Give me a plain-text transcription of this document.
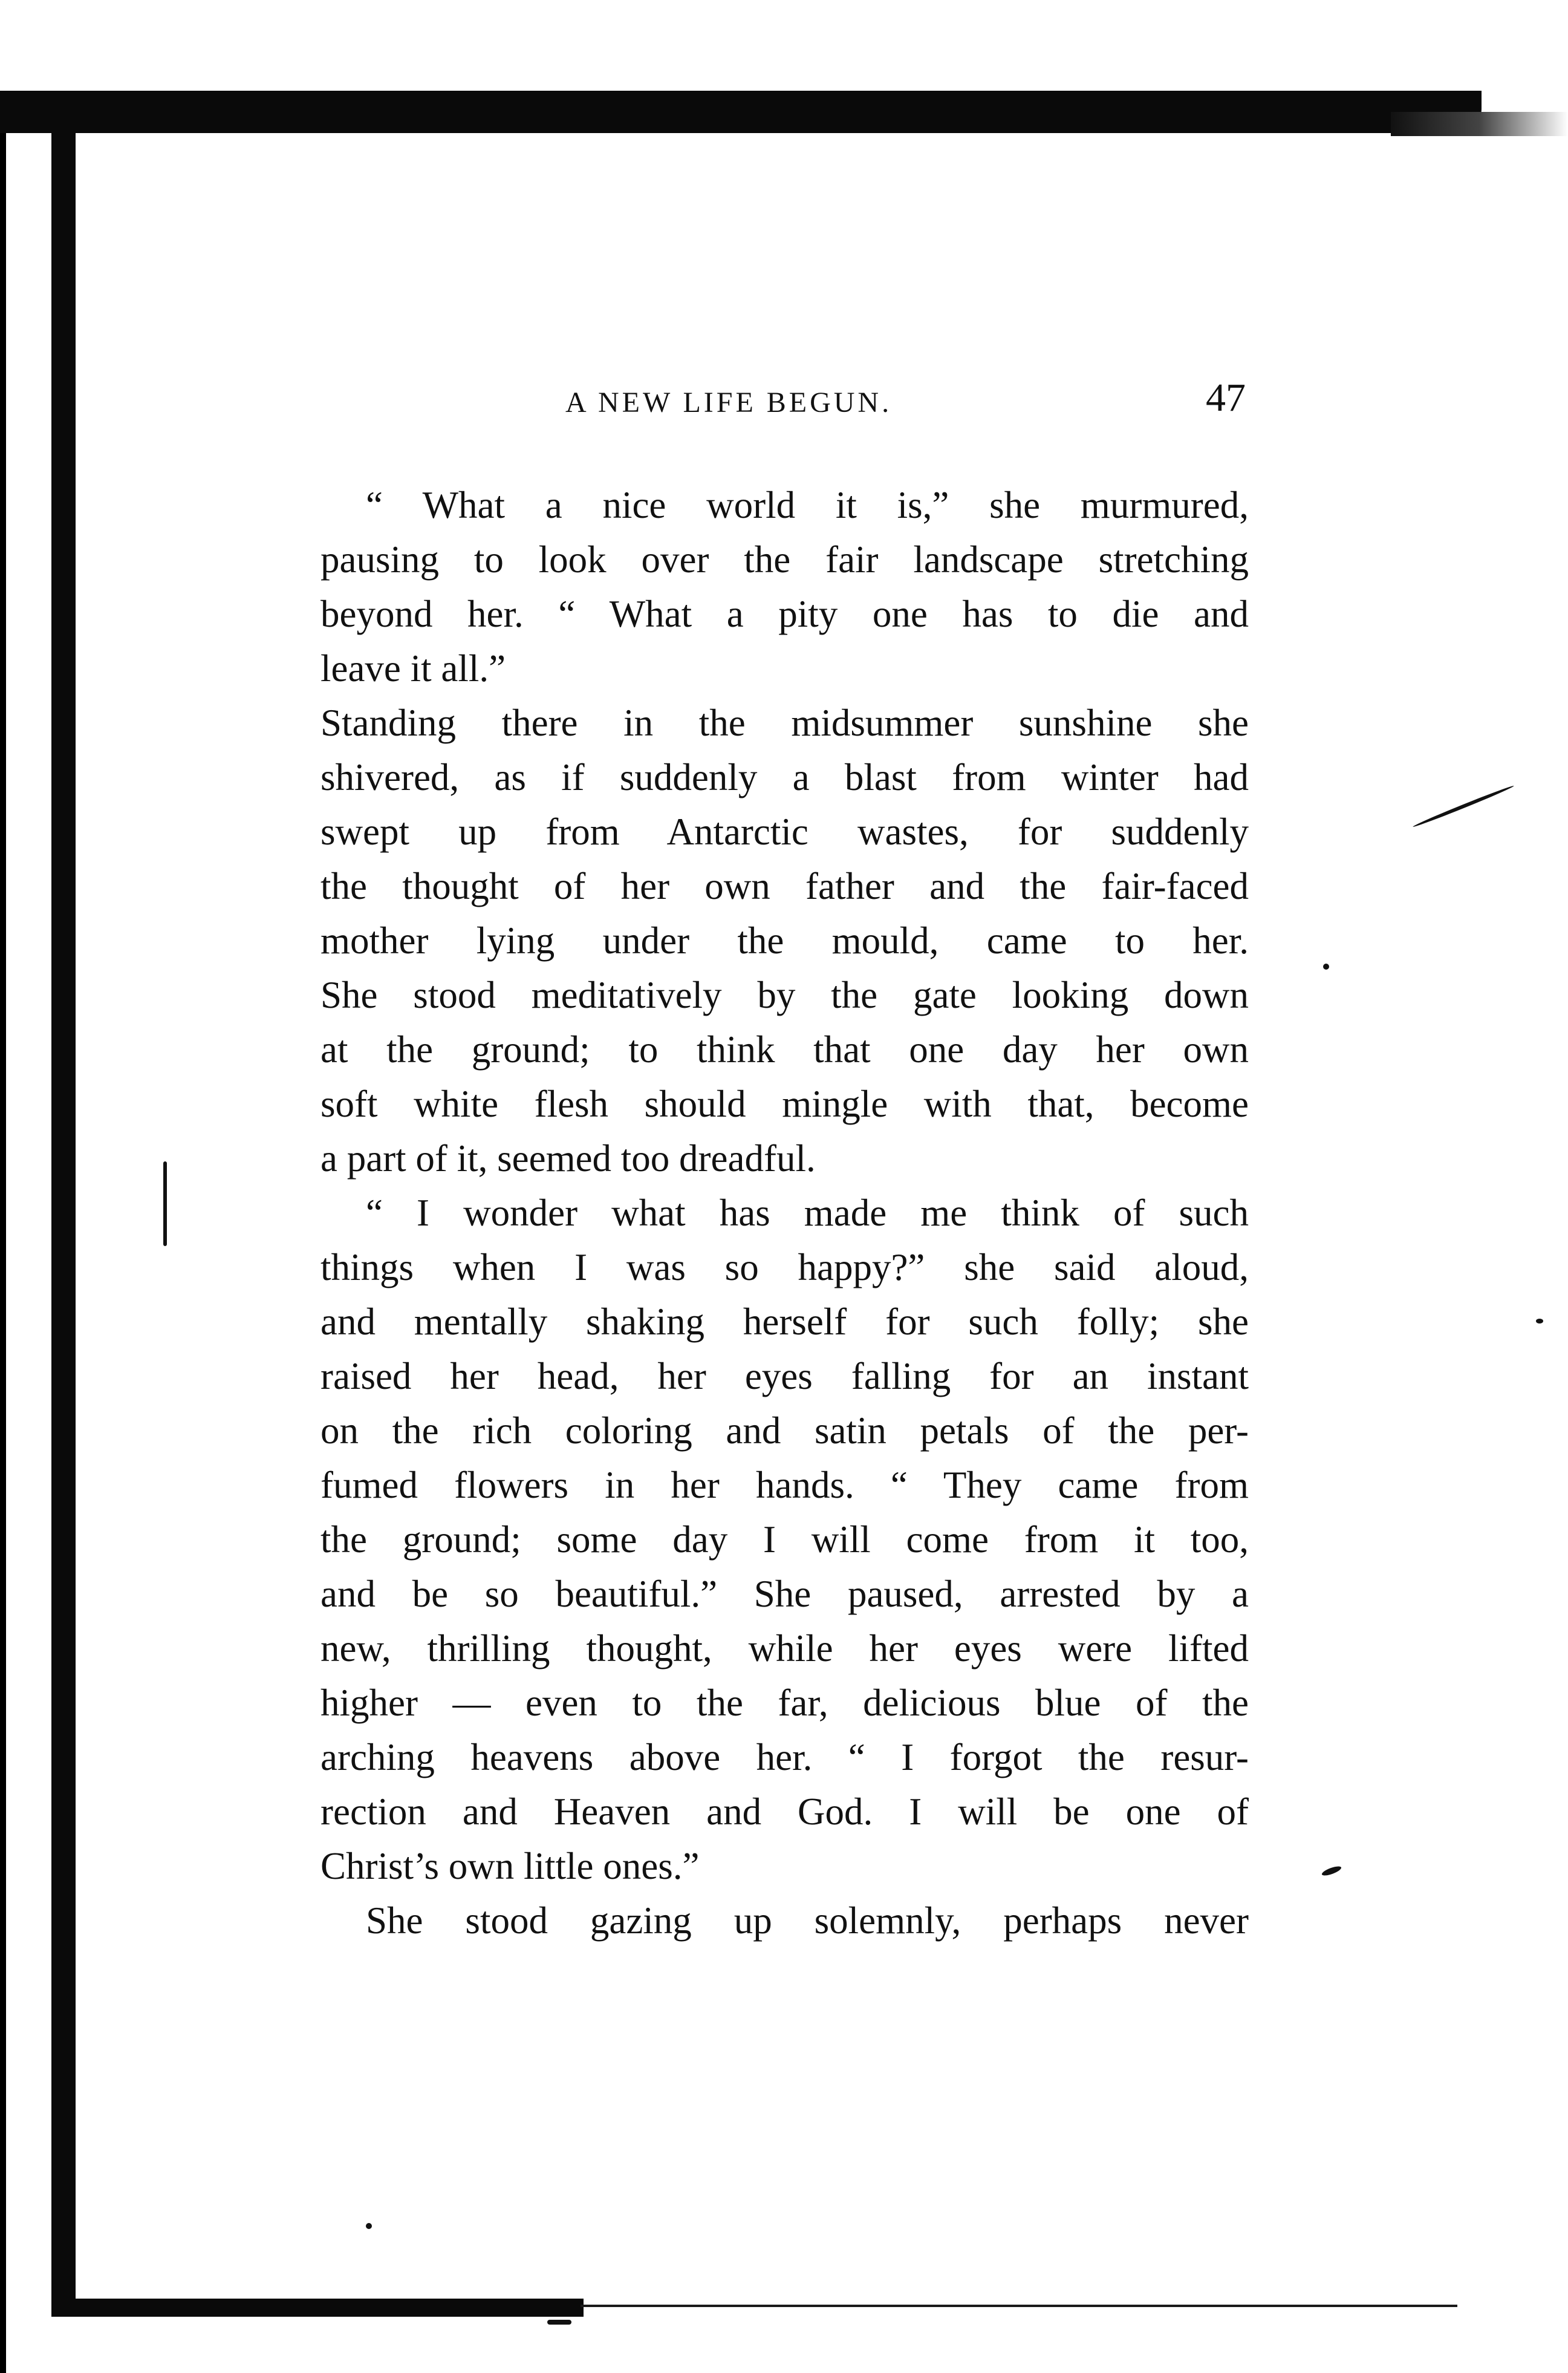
A NEW LIFE BEGUN.	47
“ What a nice world it is,” she murmured,
pausing to look over the fair landscape stretching
beyond her. “ What a pity one has to die and
leave it all.”
Standing there in the midsummer sunshine she
shivered, as if suddenly a blast from winter had
swept up from Antarctic wastes, for suddenly
the thought of her own father and the fair-faced
mother lying under the mould, came to her.
She stood meditatively by the gate looking down
at the ground; to think that one day her own
soft white flesh should mingle with that, become
a part of it, seemed too dreadful.
“ I wonder what has made me think of such
things when I was so happy?” she said aloud,
and mentally shaking herself for such folly; she
raised her head, her eyes falling for an instant
on the rich coloring and satin petals of the per-
fumed flowers in her hands. “ They came from
the ground; some day I will come from it too,
and be so beautiful.” She paused, arrested by a
new, thrilling thought, while her eyes were lifted
higher — even to the far, delicious blue of the
arching heavens above her. “ I forgot the resur-
rection and Heaven and God. I will be one of
Christ’s own little ones.”
She stood gazing up solemnly, perhaps never
